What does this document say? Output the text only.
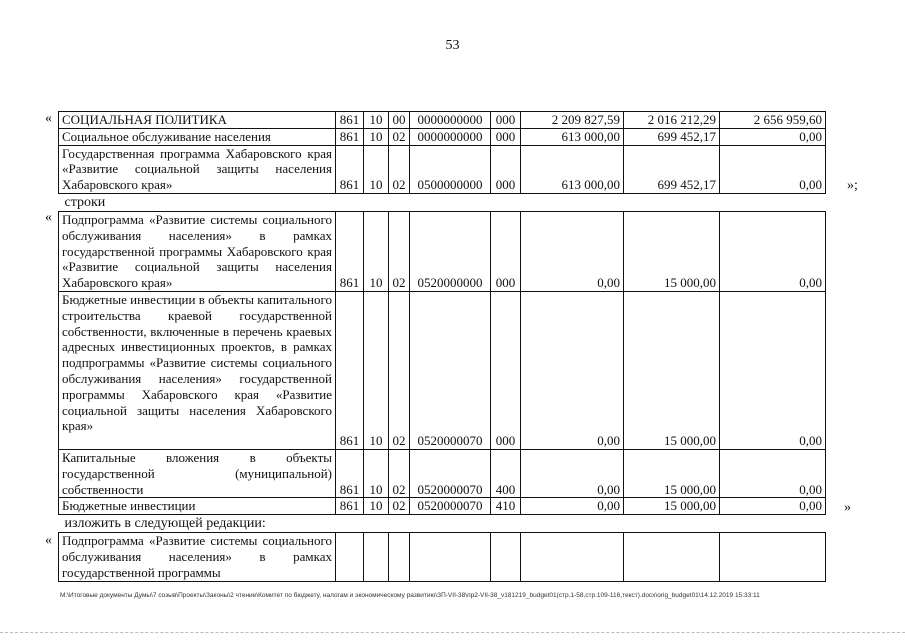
53
«
»;
«
»
«
СОЦИАЛЬНАЯ ПОЛИТИКА	861	10	00	0000000000	000	2 209 827,59	2 016 212,29	2 656 959,60
Социальное обслуживание населения	861	10	02	0000000000	000	613 000,00	699 452,17	0,00
Государственная программа Хабаровского края «Развитие социальной защиты населения Хабаровского края»	861	10	02	0500000000	000	613 000,00	699 452,17	0,00
строки								
Подпрограмма «Развитие системы социального обслуживания населения» в рамках государственной программы Хабаровского края «Развитие социальной защиты населения Хабаровского края»	861	10	02	0520000000	000	0,00	15 000,00	0,00
Бюджетные инвестиции в объекты капитального строительства краевой государственной собственности, включенные в перечень краевых адресных инвестиционных проектов, в рамках подпрограммы «Развитие системы социального обслуживания населения» государственной программы Хабаровского края «Развитие социальной защиты населения Хабаровского края»	861	10	02	0520000070	000	0,00	15 000,00	0,00
Капитальные вложения в объекты государственной (муниципальной) собственности	861	10	02	0520000070	400	0,00	15 000,00	0,00
Бюджетные инвестиции	861	10	02	0520000070	410	0,00	15 000,00	0,00
изложить в следующей редакции:								
Подпрограмма «Развитие системы социального обслуживания населения» в рамках государственной программы								
M:\Итоговые документы Думы\7 созыв\Проекты\Законы\2 чтение\Комитет по бюджету, налогам и экономическому развитию\ЗП-VII-38\пр2-VII-38_v181219_budget01(стр.1-58,стр.109-116,текст).docx\orig_budget01\14.12.2019 15:33:11
